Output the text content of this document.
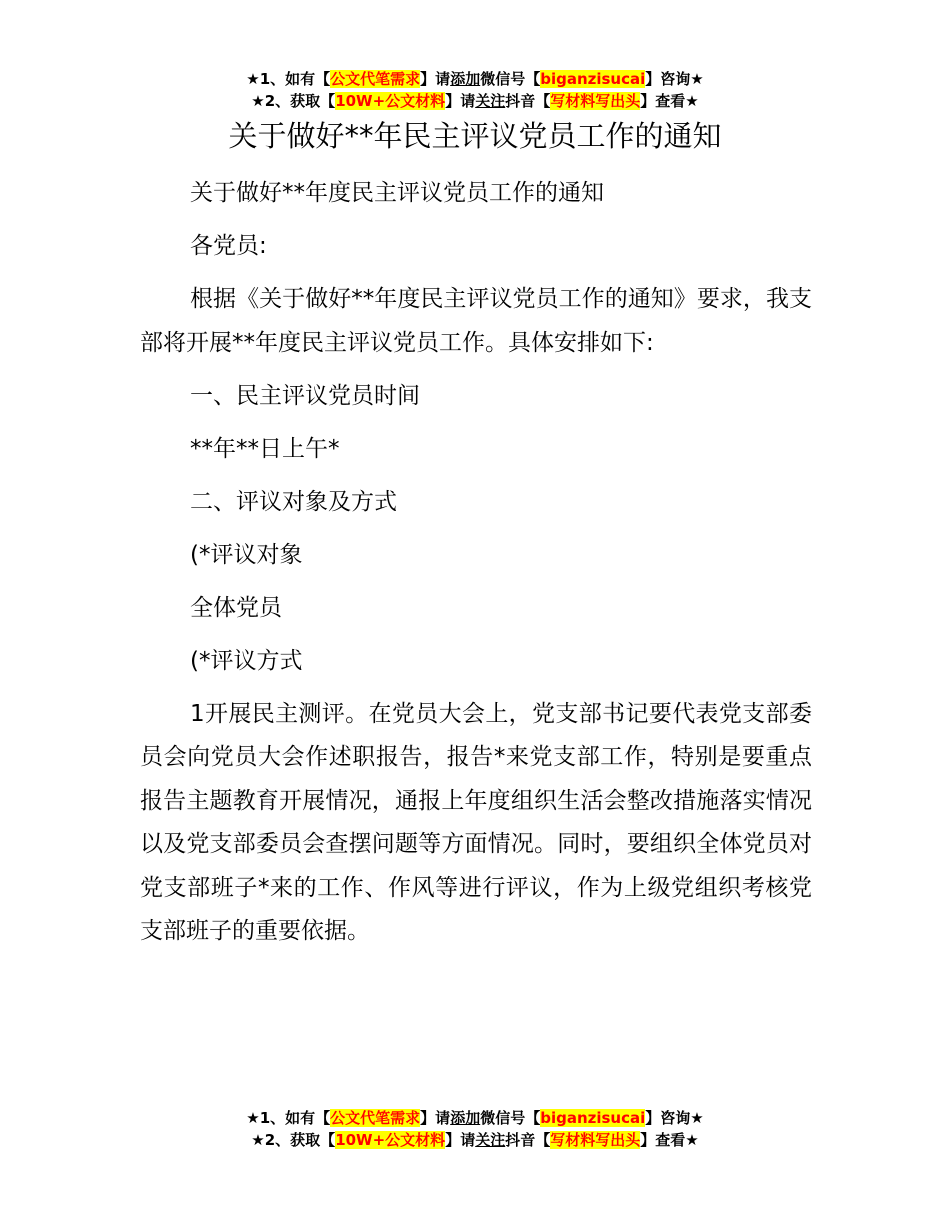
★1、如有【公文代笔需求】请添加微信号【biganzisucai】咨询★
★2、获取【10W+公文材料】请关注抖音【写材料写出头】查看★
关于做好**年民主评议党员工作的通知

关于做好**年度民主评议党员工作的通知

各党员:

根据《关于做好**年度民主评议党员工作的通知》要求，我支部将开展**年度民主评议党员工作。具体安排如下:

一、民主评议党员时间

**年**日上午*

二、评议对象及方式

(*评议对象

全体党员

(*评议方式

1开展民主测评。在党员大会上，党支部书记要代表党支部委员会向党员大会作述职报告，报告*来党支部工作，特别是要重点报告主题教育开展情况，通报上年度组织生活会整改措施落实情况以及党支部委员会查摆问题等方面情况。同时，要组织全体党员对党支部班子*来的工作、作风等进行评议，作为上级党组织考核党支部班子的重要依据。

★1、如有【公文代笔需求】请添加微信号【biganzisucai】咨询★
★2、获取【10W+公文材料】请关注抖音【写材料写出头】查看★
